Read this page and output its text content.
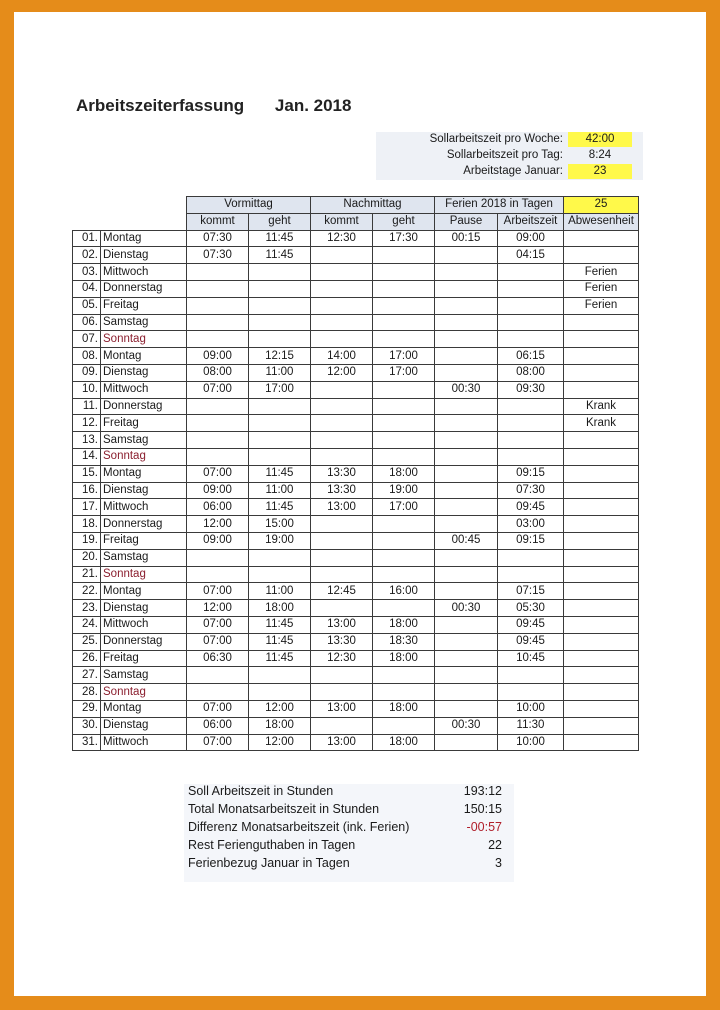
Arbeitszeiterfassung Jan. 2018
Sollarbeitszeit pro Woche:	42:00
Sollarbeitszeit pro Tag:	8:24
Arbeitstage Januar:	23
		Vormittag		Nachmittag		Ferien 2018 in Tagen		25
		kommt	geht	kommt	geht	Pause	Arbeitszeit	Abwesenheit
01.	Montag	07:30	11:45	12:30	17:30	00:15	09:00	
02.	Dienstag	07:30	11:45				04:15	
03.	Mittwoch							Ferien
04.	Donnerstag							Ferien
05.	Freitag							Ferien
06.	Samstag							
07.	Sonntag							
08.	Montag	09:00	12:15	14:00	17:00		06:15	
09.	Dienstag	08:00	11:00	12:00	17:00		08:00	
10.	Mittwoch	07:00	17:00			00:30	09:30	
11.	Donnerstag							Krank
12.	Freitag							Krank
13.	Samstag							
14.	Sonntag							
15.	Montag	07:00	11:45	13:30	18:00		09:15	
16.	Dienstag	09:00	11:00	13:30	19:00		07:30	
17.	Mittwoch	06:00	11:45	13:00	17:00		09:45	
18.	Donnerstag	12:00	15:00				03:00	
19.	Freitag	09:00	19:00			00:45	09:15	
20.	Samstag							
21.	Sonntag							
22.	Montag	07:00	11:00	12:45	16:00		07:15	
23.	Dienstag	12:00	18:00			00:30	05:30	
24.	Mittwoch	07:00	11:45	13:00	18:00		09:45	
25.	Donnerstag	07:00	11:45	13:30	18:30		09:45	
26.	Freitag	06:30	11:45	12:30	18:00		10:45	
27.	Samstag							
28.	Sonntag							
29.	Montag	07:00	12:00	13:00	18:00		10:00	
30.	Dienstag	06:00	18:00			00:30	11:30	
31.	Mittwoch	07:00	12:00	13:00	18:00		10:00	
Soll Arbeitszeit in Stunden	193:12
Total Monatsarbeitszeit in Stunden	150:15
Differenz Monatsarbeitszeit (ink. Ferien)	-00:57
Rest Ferienguthaben in Tagen	22
Ferienbezug Januar in Tagen	3
